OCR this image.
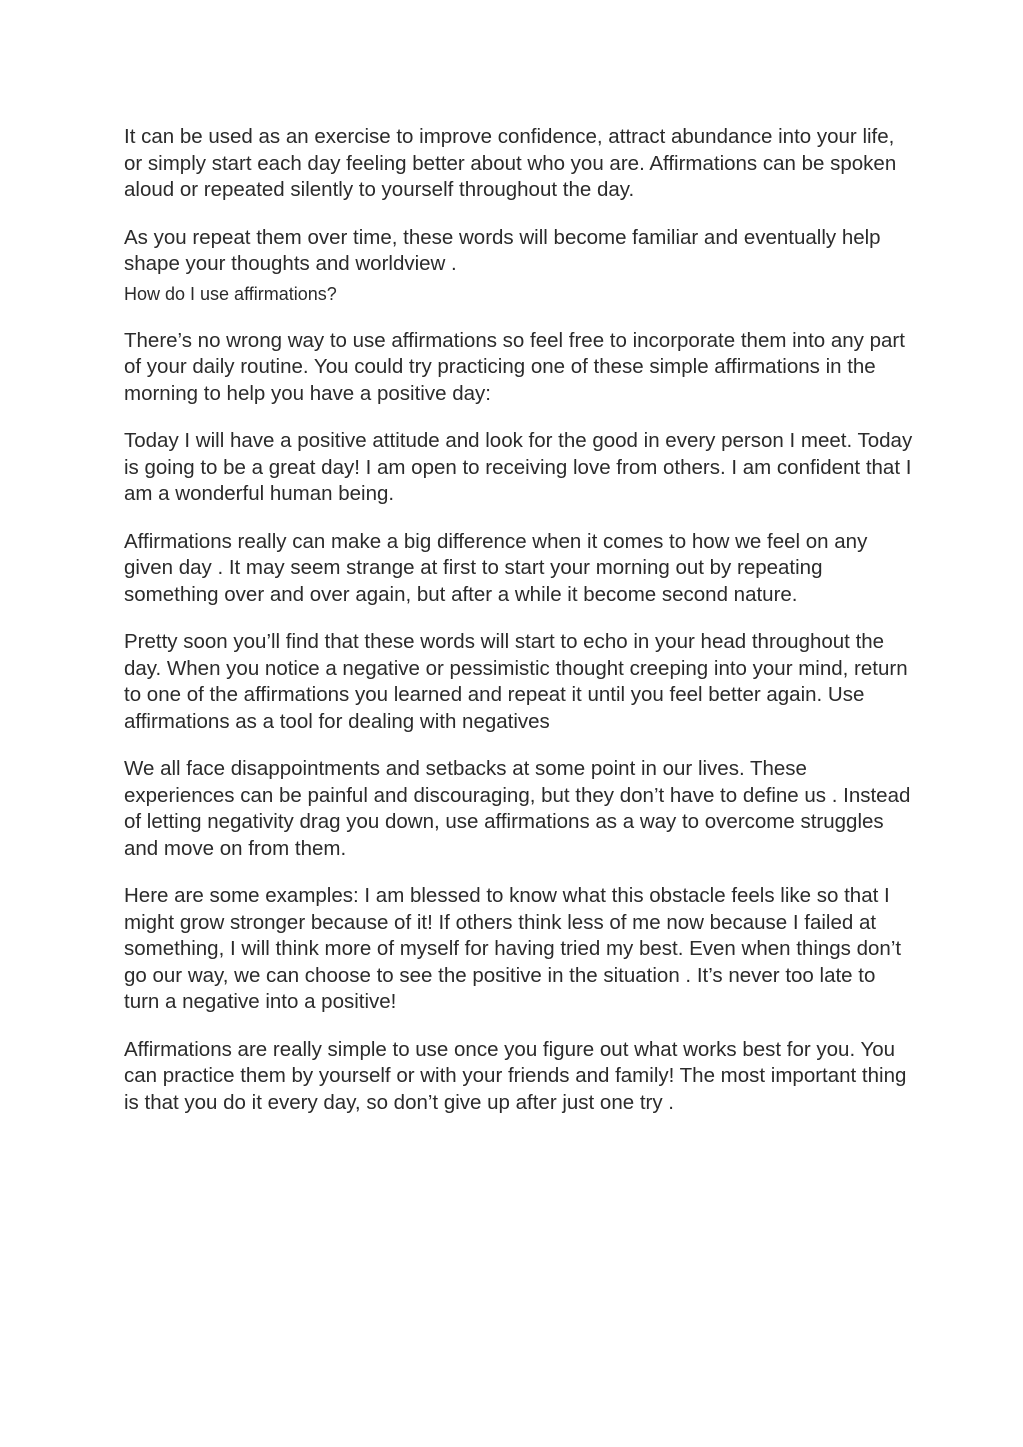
It can be used as an exercise to improve confidence, attract abundance into your life, or simply start each day feeling better about who you are. Affirmations can be spoken aloud or repeated silently to yourself throughout the day.

As you repeat them over time, these words will become familiar and eventually help shape your thoughts and worldview .

How do I use affirmations?

There’s no wrong way to use affirmations so feel free to incorporate them into any part of your daily routine. You could try practicing one of these simple affirmations in the morning to help you have a positive day:

Today I will have a positive attitude and look for the good in every person I meet. Today is going to be a great day! I am open to receiving love from others. I am confident that I am a wonderful human being.

Affirmations really can make a big difference when it comes to how we feel on any given day . It may seem strange at first to start your morning out by repeating something over and over again, but after a while it become second nature.

Pretty soon you’ll find that these words will start to echo in your head throughout the day. When you notice a negative or pessimistic thought creeping into your mind, return to one of the affirmations you learned and repeat it until you feel better again. Use affirmations as a tool for dealing with negatives

We all face disappointments and setbacks at some point in our lives. These experiences can be painful and discouraging, but they don’t have to define us . Instead of letting negativity drag you down, use affirmations as a way to overcome struggles and move on from them.

Here are some examples: I am blessed to know what this obstacle feels like so that I might grow stronger because of it! If others think less of me now because I failed at something, I will think more of myself for having tried my best. Even when things don’t go our way, we can choose to see the positive in the situation . It’s never too late to turn a negative into a positive!

Affirmations are really simple to use once you figure out what works best for you. You can practice them by yourself or with your friends and family! The most important thing is that you do it every day, so don’t give up after just one try .
